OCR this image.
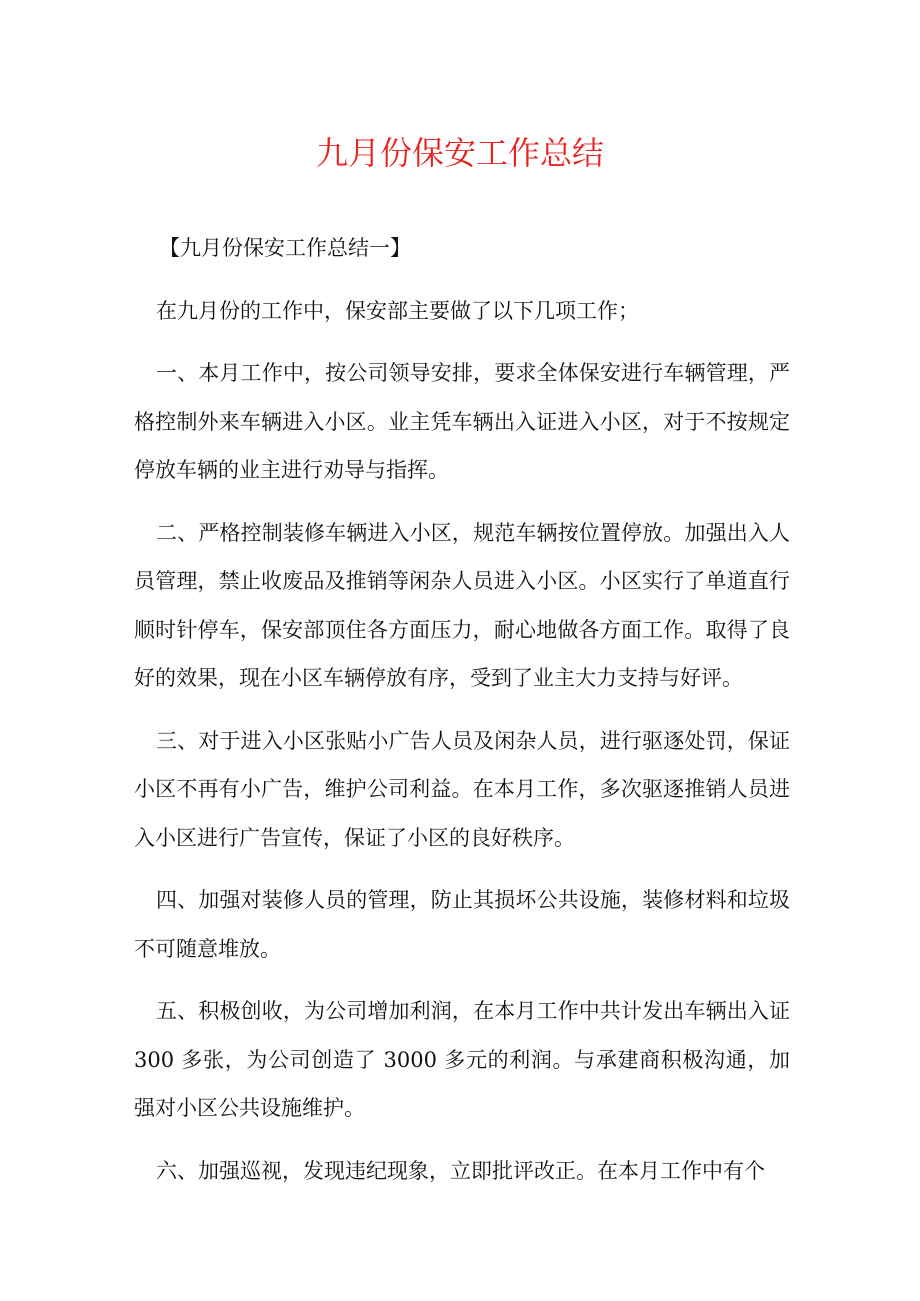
九月份保安工作总结

【九月份保安工作总结一】

在九月份的工作中，保安部主要做了以下几项工作；

一、本月工作中，按公司领导安排，要求全体保安进行车辆管理，严格控制外来车辆进入小区。业主凭车辆出入证进入小区，对于不按规定停放车辆的业主进行劝导与指挥。

二、严格控制装修车辆进入小区，规范车辆按位置停放。加强出入人员管理，禁止收废品及推销等闲杂人员进入小区。小区实行了单道直行顺时针停车，保安部顶住各方面压力，耐心地做各方面工作。取得了良好的效果，现在小区车辆停放有序，受到了业主大力支持与好评。

三、对于进入小区张贴小广告人员及闲杂人员，进行驱逐处罚，保证小区不再有小广告，维护公司利益。在本月工作，多次驱逐推销人员进入小区进行广告宣传，保证了小区的良好秩序。

四、加强对装修人员的管理，防止其损坏公共设施，装修材料和垃圾不可随意堆放。

五、积极创收，为公司增加利润，在本月工作中共计发出车辆出入证 300 多张，为公司创造了 3000 多元的利润。与承建商积极沟通，加强对小区公共设施维护。

六、加强巡视，发现违纪现象，立即批评改正。在本月工作中有个
